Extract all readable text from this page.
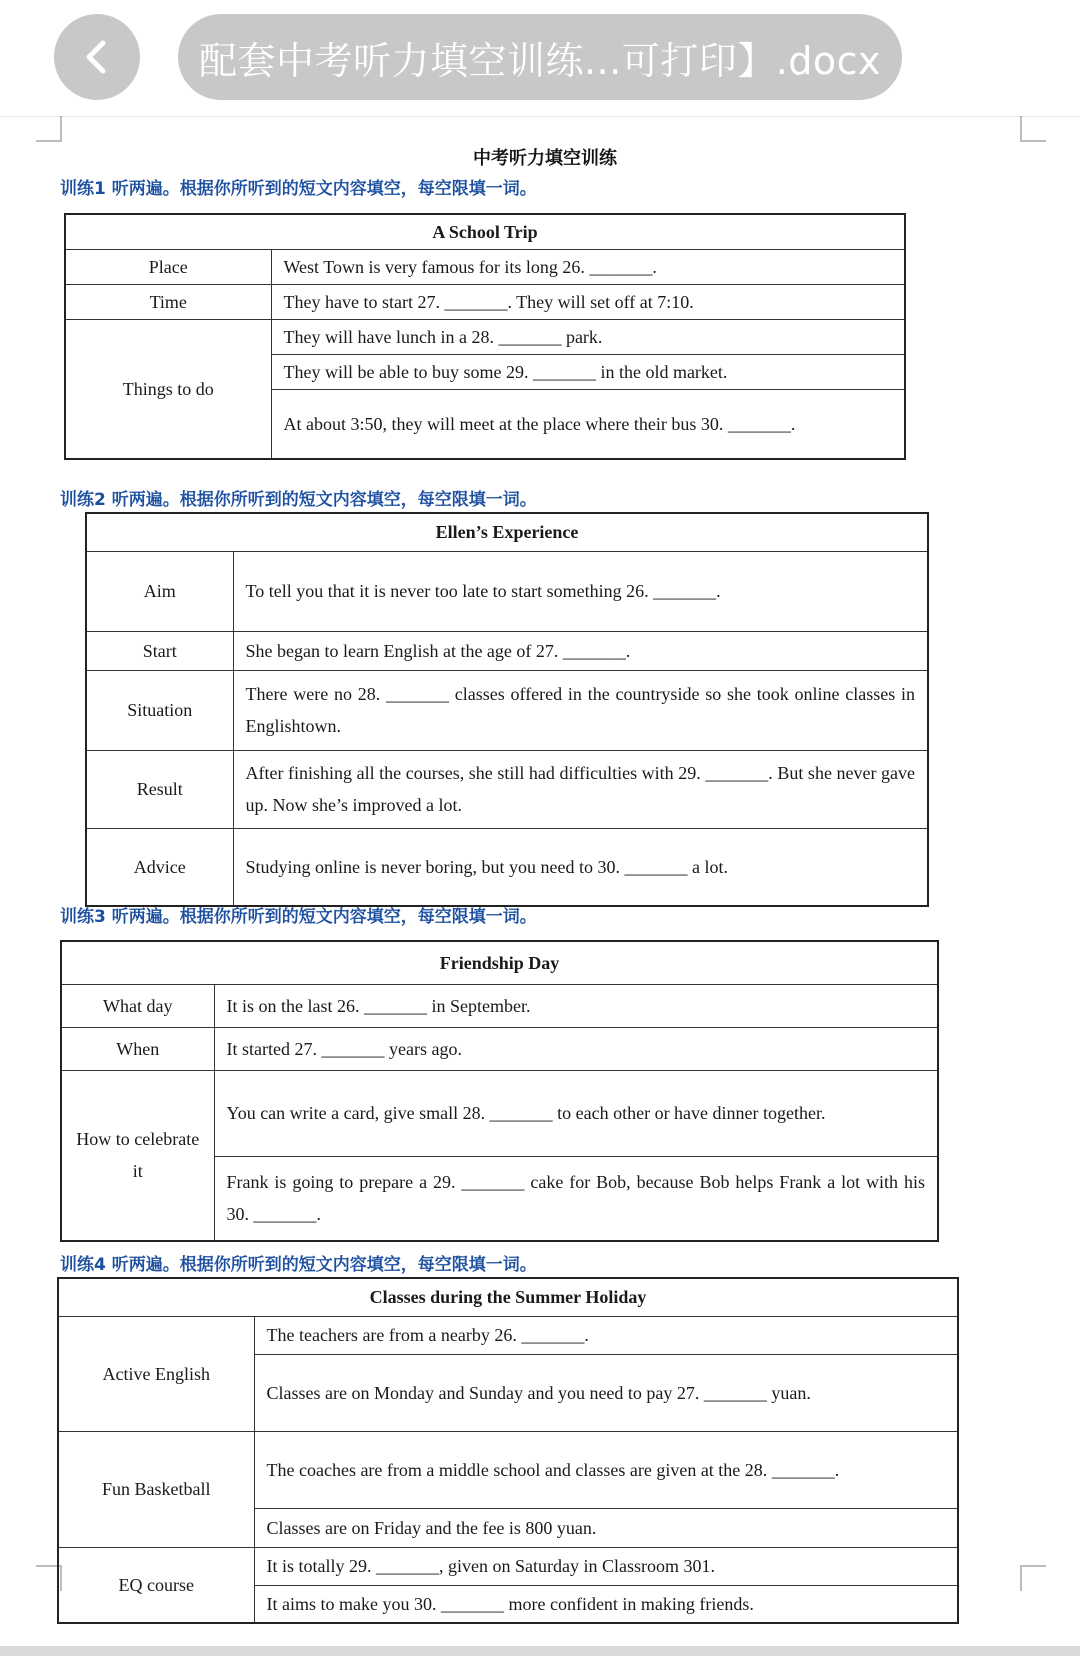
配套中考听力填空训练...可打印】.docx
中考听力填空训练
训练1 听两遍。根据你所听到的短文内容填空，每空限填一词。
A School Trip	
Place	West Town is very famous for its long 26. _______.
Time	They have to start 27. _______. They will set off at 7:10.
Things to do	They will have lunch in a 28. _______ park.
	They will be able to buy some 29. _______ in the old market.
	At about 3:50, they will meet at the place where their bus 30. _______.
训练2 听两遍。根据你所听到的短文内容填空，每空限填一词。
Ellen’s Experience	
Aim	To tell you that it is never too late to start something 26. _______.
Start	She began to learn English at the age of 27. _______.
Situation	There were no 28. _______ classes offered in the countryside so she took online classes in Englishtown.
Result	After finishing all the courses, she still had difficulties with 29. _______. But she never gave up. Now she’s improved a lot.
Advice	Studying online is never boring, but you need to 30. _______ a lot.
训练3 听两遍。根据你所听到的短文内容填空，每空限填一词。
Friendship Day	
What day	It is on the last 26. _______ in September.
When	It started 27. _______ years ago.
How to celebrate it	You can write a card, give small 28. _______ to each other or have dinner together.
	Frank is going to prepare a 29. _______ cake for Bob, because Bob helps Frank a lot with his 30. _______.
训练4 听两遍。根据你所听到的短文内容填空，每空限填一词。
Classes during the Summer Holiday	
Active English	The teachers are from a nearby 26. _______.
	Classes are on Monday and Sunday and you need to pay 27. _______ yuan.
Fun Basketball	The coaches are from a middle school and classes are given at the 28. _______.
	Classes are on Friday and the fee is 800 yuan.
EQ course	It is totally 29. _______, given on Saturday in Classroom 301.
	It aims to make you 30. _______ more confident in making friends.
